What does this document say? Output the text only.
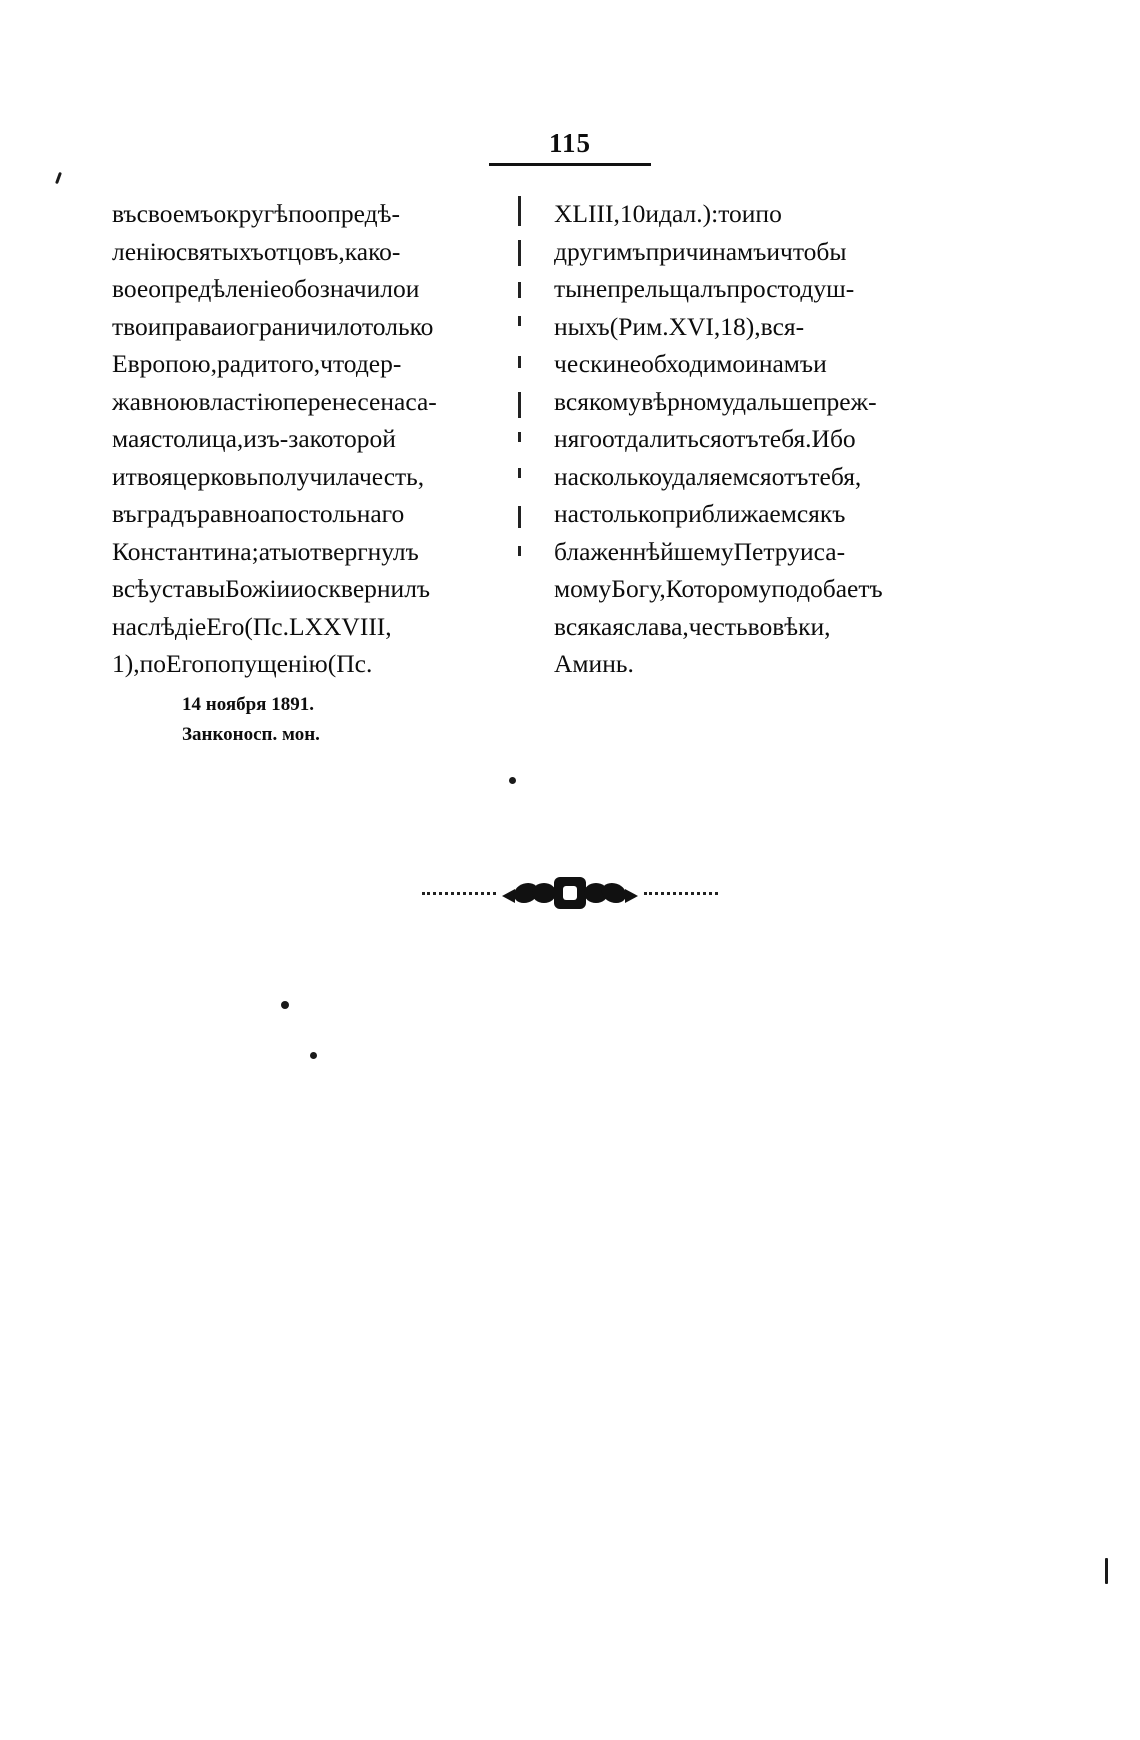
115

въсвоемъокругѣпоопредѣ-
леніюсвятыхъотцовъ,како-
воеопредѣленіеобозначилои
твоиправаиограничилотолько
Европою,радитого,чтодер-
жавноювластіюперенесенаса-
маястолица,изъ-закоторой
итвояцерковьполучилачесть,
въградъравноапостольнаго
Константина;атыотвергнулъ
всѣуставыБожіииосквернилъ
наслѣдіеЕго(Пс.LXXVIII,
1),поЕгопопущенію(Пс.

XLIII,10идал.):тоипо
другимъпричинамъичтобы
тынепрельщалъпростодуш-
ныхъ(Рим.XVI,18),вся-
ческинеобходимоинамъи
всякомувѣрномудальшепреж-
нягоотдалитьсяотътебя.Ибо
насколькоудаляемсяотътебя,
настолькоприближаемсякъ
блаженнѣйшемуПетруиса-
момуБогу,Которомуподобаетъ
всякаяслава,честьвовѣки,
Аминь.

14 ноября 1891.
Занконосп. мон.
